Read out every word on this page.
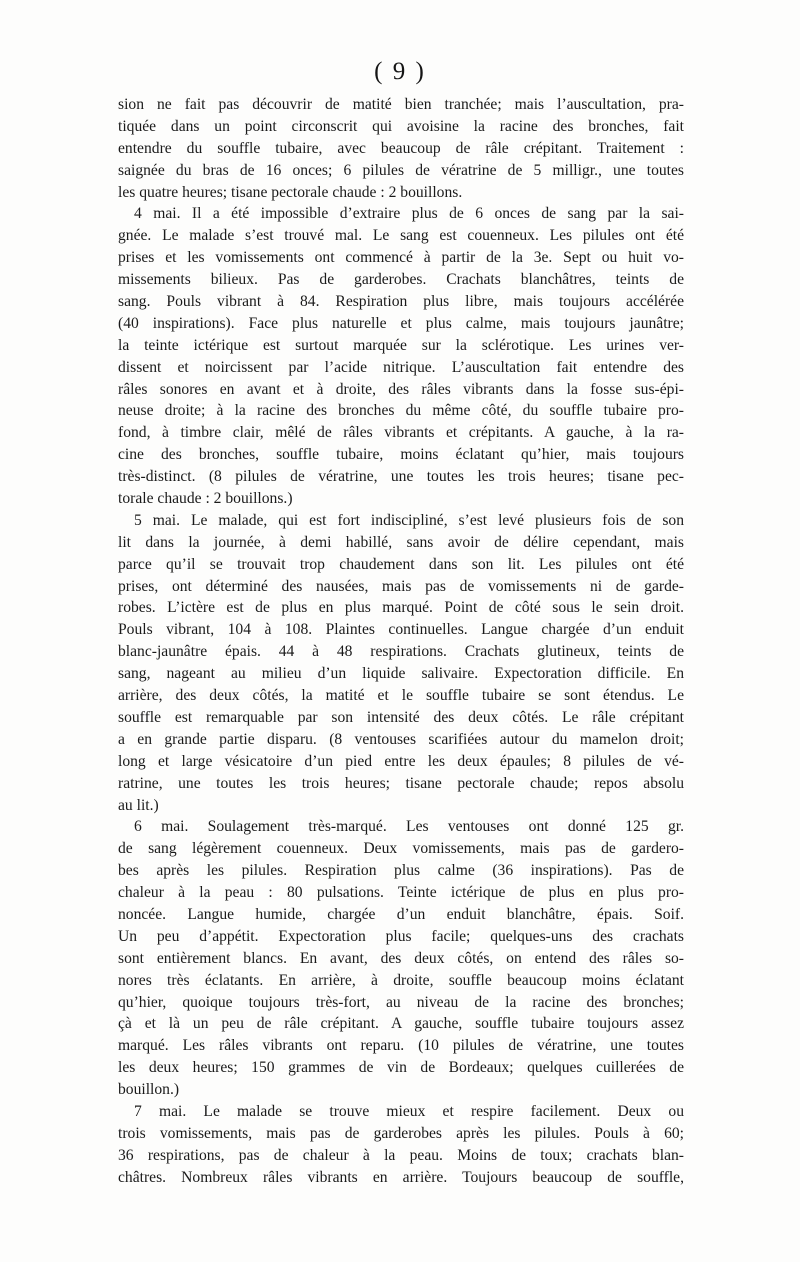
( 9 )
sion ne fait pas découvrir de matité bien tranchée; mais l’auscultation, pra-
tiquée dans un point circonscrit qui avoisine la racine des bronches, fait
entendre du souffle tubaire, avec beaucoup de râle crépitant. Traitement :
saignée du bras de 16 onces; 6 pilules de vératrine de 5 milligr., une toutes
les quatre heures; tisane pectorale chaude : 2 bouillons.
4 mai. Il a été impossible d’extraire plus de 6 onces de sang par la sai-
gnée. Le malade s’est trouvé mal. Le sang est couenneux. Les pilules ont été
prises et les vomissements ont commencé à partir de la 3e. Sept ou huit vo-
missements bilieux. Pas de garderobes. Crachats blanchâtres, teints de
sang. Pouls vibrant à 84. Respiration plus libre, mais toujours accélérée
(40 inspirations). Face plus naturelle et plus calme, mais toujours jaunâtre;
la teinte ictérique est surtout marquée sur la sclérotique. Les urines ver-
dissent et noircissent par l’acide nitrique. L’auscultation fait entendre des
râles sonores en avant et à droite, des râles vibrants dans la fosse sus-épi-
neuse droite; à la racine des bronches du même côté, du souffle tubaire pro-
fond, à timbre clair, mêlé de râles vibrants et crépitants. A gauche, à la ra-
cine des bronches, souffle tubaire, moins éclatant qu’hier, mais toujours
très-distinct. (8 pilules de vératrine, une toutes les trois heures; tisane pec-
torale chaude : 2 bouillons.)
5 mai. Le malade, qui est fort indiscipliné, s’est levé plusieurs fois de son
lit dans la journée, à demi habillé, sans avoir de délire cependant, mais
parce qu’il se trouvait trop chaudement dans son lit. Les pilules ont été
prises, ont déterminé des nausées, mais pas de vomissements ni de garde-
robes. L’ictère est de plus en plus marqué. Point de côté sous le sein droit.
Pouls vibrant, 104 à 108. Plaintes continuelles. Langue chargée d’un enduit
blanc-jaunâtre épais. 44 à 48 respirations. Crachats glutineux, teints de
sang, nageant au milieu d’un liquide salivaire. Expectoration difficile. En
arrière, des deux côtés, la matité et le souffle tubaire se sont étendus. Le
souffle est remarquable par son intensité des deux côtés. Le râle crépitant
a en grande partie disparu. (8 ventouses scarifiées autour du mamelon droit;
long et large vésicatoire d’un pied entre les deux épaules; 8 pilules de vé-
ratrine, une toutes les trois heures; tisane pectorale chaude; repos absolu
au lit.)
6 mai. Soulagement très-marqué. Les ventouses ont donné 125 gr.
de sang légèrement couenneux. Deux vomissements, mais pas de gardero-
bes après les pilules. Respiration plus calme (36 inspirations). Pas de
chaleur à la peau : 80 pulsations. Teinte ictérique de plus en plus pro-
noncée. Langue humide, chargée d’un enduit blanchâtre, épais. Soif.
Un peu d’appétit. Expectoration plus facile; quelques-uns des crachats
sont entièrement blancs. En avant, des deux côtés, on entend des râles so-
nores très éclatants. En arrière, à droite, souffle beaucoup moins éclatant
qu’hier, quoique toujours très-fort, au niveau de la racine des bronches;
çà et là un peu de râle crépitant. A gauche, souffle tubaire toujours assez
marqué. Les râles vibrants ont reparu. (10 pilules de vératrine, une toutes
les deux heures; 150 grammes de vin de Bordeaux; quelques cuillerées de
bouillon.)
7 mai. Le malade se trouve mieux et respire facilement. Deux ou
trois vomissements, mais pas de garderobes après les pilules. Pouls à 60;
36 respirations, pas de chaleur à la peau. Moins de toux; crachats blan-
châtres. Nombreux râles vibrants en arrière. Toujours beaucoup de souffle,
